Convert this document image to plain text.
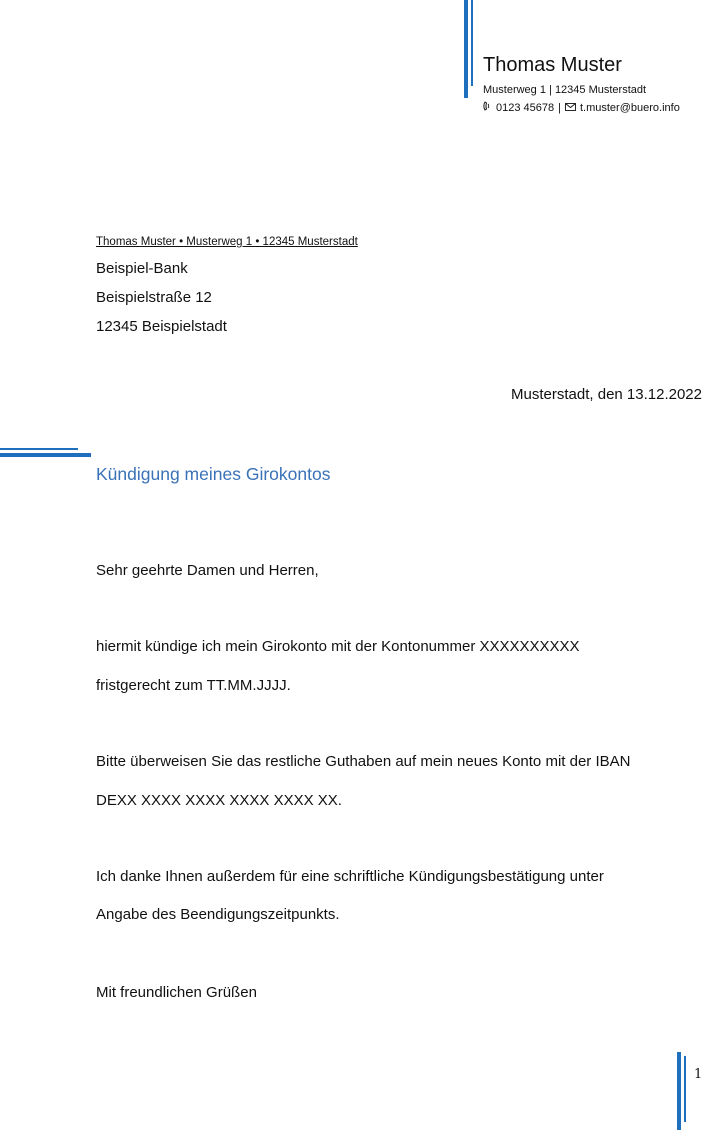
Thomas Muster
Musterweg 1 | 12345 Musterstadt
0123 45678 | t.muster@buero.info
Thomas Muster • Musterweg 1 • 12345 Musterstadt
Beispiel-Bank
Beispielstraße 12
12345 Beispielstadt
Musterstadt, den 13.12.2022
Kündigung meines Girokontos
Sehr geehrte Damen und Herren,
hiermit kündige ich mein Girokonto mit der Kontonummer XXXXXXXXXX
fristgerecht zum TT.MM.JJJJ.
Bitte überweisen Sie das restliche Guthaben auf mein neues Konto mit der IBAN
DEXX XXXX XXXX XXXX XXXX XX.
Ich danke Ihnen außerdem für eine schriftliche Kündigungsbestätigung unter
Angabe des Beendigungszeitpunkts.
Mit freundlichen Grüßen
1
